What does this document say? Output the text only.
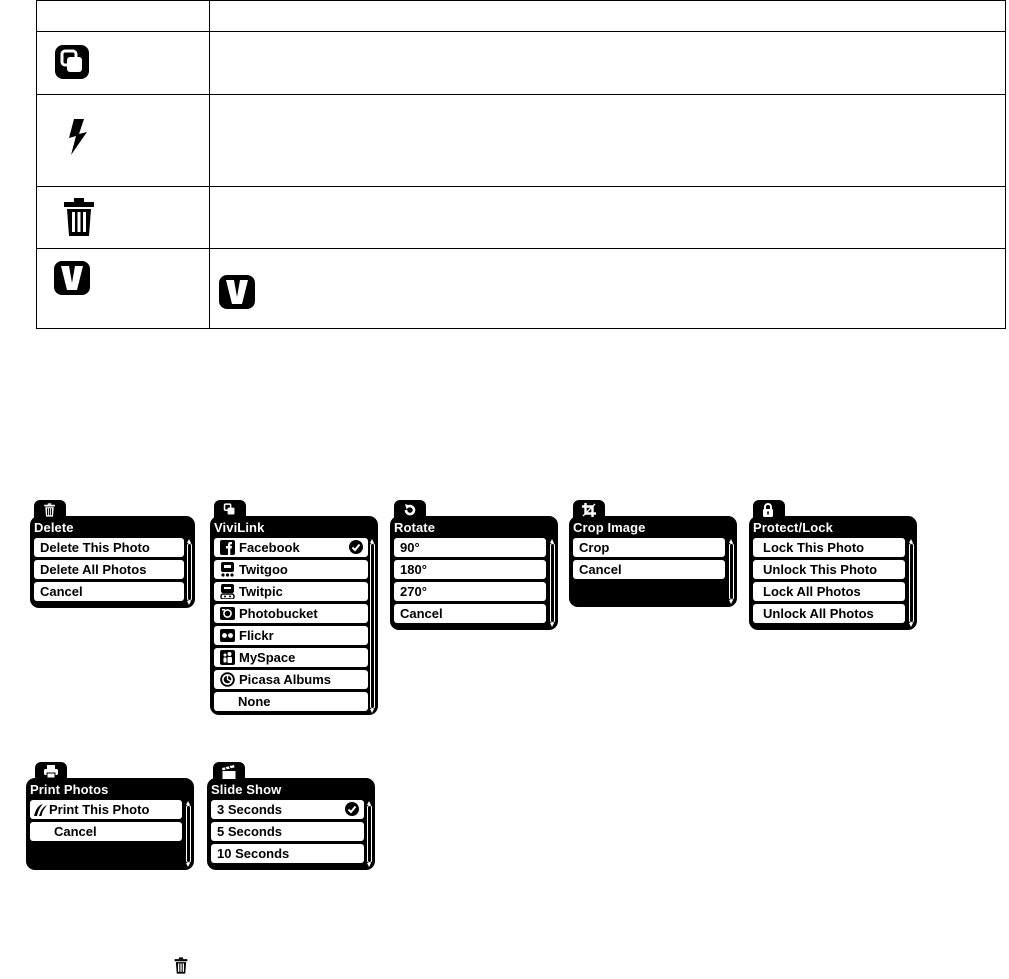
Delete
Delete This Photo
Delete All Photos
Cancel
ViviLink
Facebook
Twitgoo
Twitpic
Photobucket
Flickr
MySpace
Picasa Albums
None
Rotate
90°
180°
270°
Cancel
Crop Image
Crop
Cancel
Protect/Lock
Lock This Photo
Unlock This Photo
Lock All Photos
Unlock All Photos
Print Photos
Print This Photo
Cancel
Slide Show
3 Seconds
5 Seconds
10 Seconds
